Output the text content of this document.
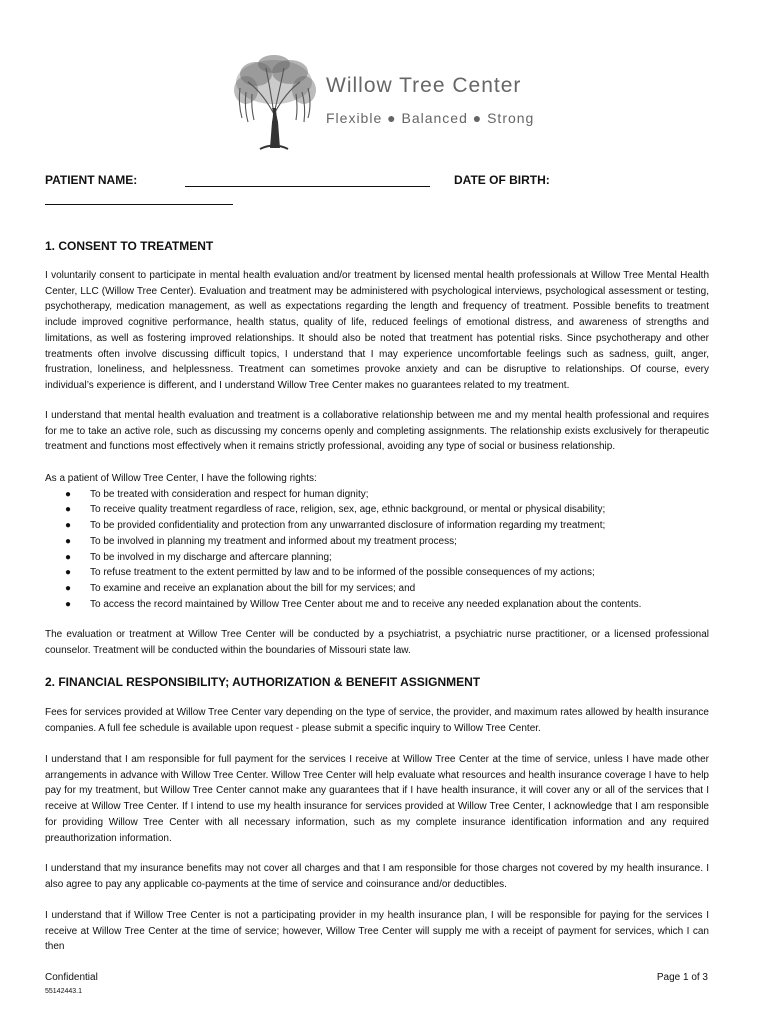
Willow Tree Center
Flexible ● Balanced ● Strong
PATIENT NAME:	DATE OF BIRTH:
1. CONSENT TO TREATMENT

I voluntarily consent to participate in mental health evaluation and/or treatment by licensed mental health professionals at Willow Tree Mental Health Center, LLC (Willow Tree Center). Evaluation and treatment may be administered with psychological interviews, psychological assessment or testing, psychotherapy, medication management, as well as expectations regarding the length and frequency of treatment. Possible benefits to treatment include improved cognitive performance, health status, quality of life, reduced feelings of emotional distress, and awareness of strengths and limitations, as well as fostering improved relationships. It should also be noted that treatment has potential risks. Since psychotherapy and other treatments often involve discussing difficult topics, I understand that I may experience uncomfortable feelings such as sadness, guilt, anger, frustration, loneliness, and helplessness. Treatment can sometimes provoke anxiety and can be disruptive to relationships. Of course, every individual’s experience is different, and I understand Willow Tree Center makes no guarantees related to my treatment.

I understand that mental health evaluation and treatment is a collaborative relationship between me and my mental health professional and requires for me to take an active role, such as discussing my concerns openly and completing assignments. The relationship exists exclusively for therapeutic treatment and functions most effectively when it remains strictly professional, avoiding any type of social or business relationship.

As a patient of Willow Tree Center, I have the following rights:

● To be treated with consideration and respect for human dignity;
● To receive quality treatment regardless of race, religion, sex, age, ethnic background, or mental or physical disability;
● To be provided confidentiality and protection from any unwarranted disclosure of information regarding my treatment;
● To be involved in planning my treatment and informed about my treatment process;
● To be involved in my discharge and aftercare planning;
● To refuse treatment to the extent permitted by law and to be informed of the possible consequences of my actions;
● To examine and receive an explanation about the bill for my services; and
● To access the record maintained by Willow Tree Center about me and to receive any needed explanation about the contents.

The evaluation or treatment at Willow Tree Center will be conducted by a psychiatrist, a psychiatric nurse practitioner, or a licensed professional counselor. Treatment will be conducted within the boundaries of Missouri state law.

2. FINANCIAL RESPONSIBILITY; AUTHORIZATION & BENEFIT ASSIGNMENT

Fees for services provided at Willow Tree Center vary depending on the type of service, the provider, and maximum rates allowed by health insurance companies. A full fee schedule is available upon request - please submit a specific inquiry to Willow Tree Center.

I understand that I am responsible for full payment for the services I receive at Willow Tree Center at the time of service, unless I have made other arrangements in advance with Willow Tree Center. Willow Tree Center will help evaluate what resources and health insurance coverage I have to help pay for my treatment, but Willow Tree Center cannot make any guarantees that if I have health insurance, it will cover any or all of the services that I receive at Willow Tree Center. If I intend to use my health insurance for services provided at Willow Tree Center, I acknowledge that I am responsible for providing Willow Tree Center with all necessary information, such as my complete insurance identification information and any required preauthorization information.

I understand that my insurance benefits may not cover all charges and that I am responsible for those charges not covered by my health insurance. I also agree to pay any applicable co-payments at the time of service and coinsurance and/or deductibles.

I understand that if Willow Tree Center is not a participating provider in my health insurance plan, I will be responsible for paying for the services I receive at Willow Tree Center at the time of service; however, Willow Tree Center will supply me with a receipt of payment for services, which I can then

Confidential
55142443.1
Page 1 of 3
